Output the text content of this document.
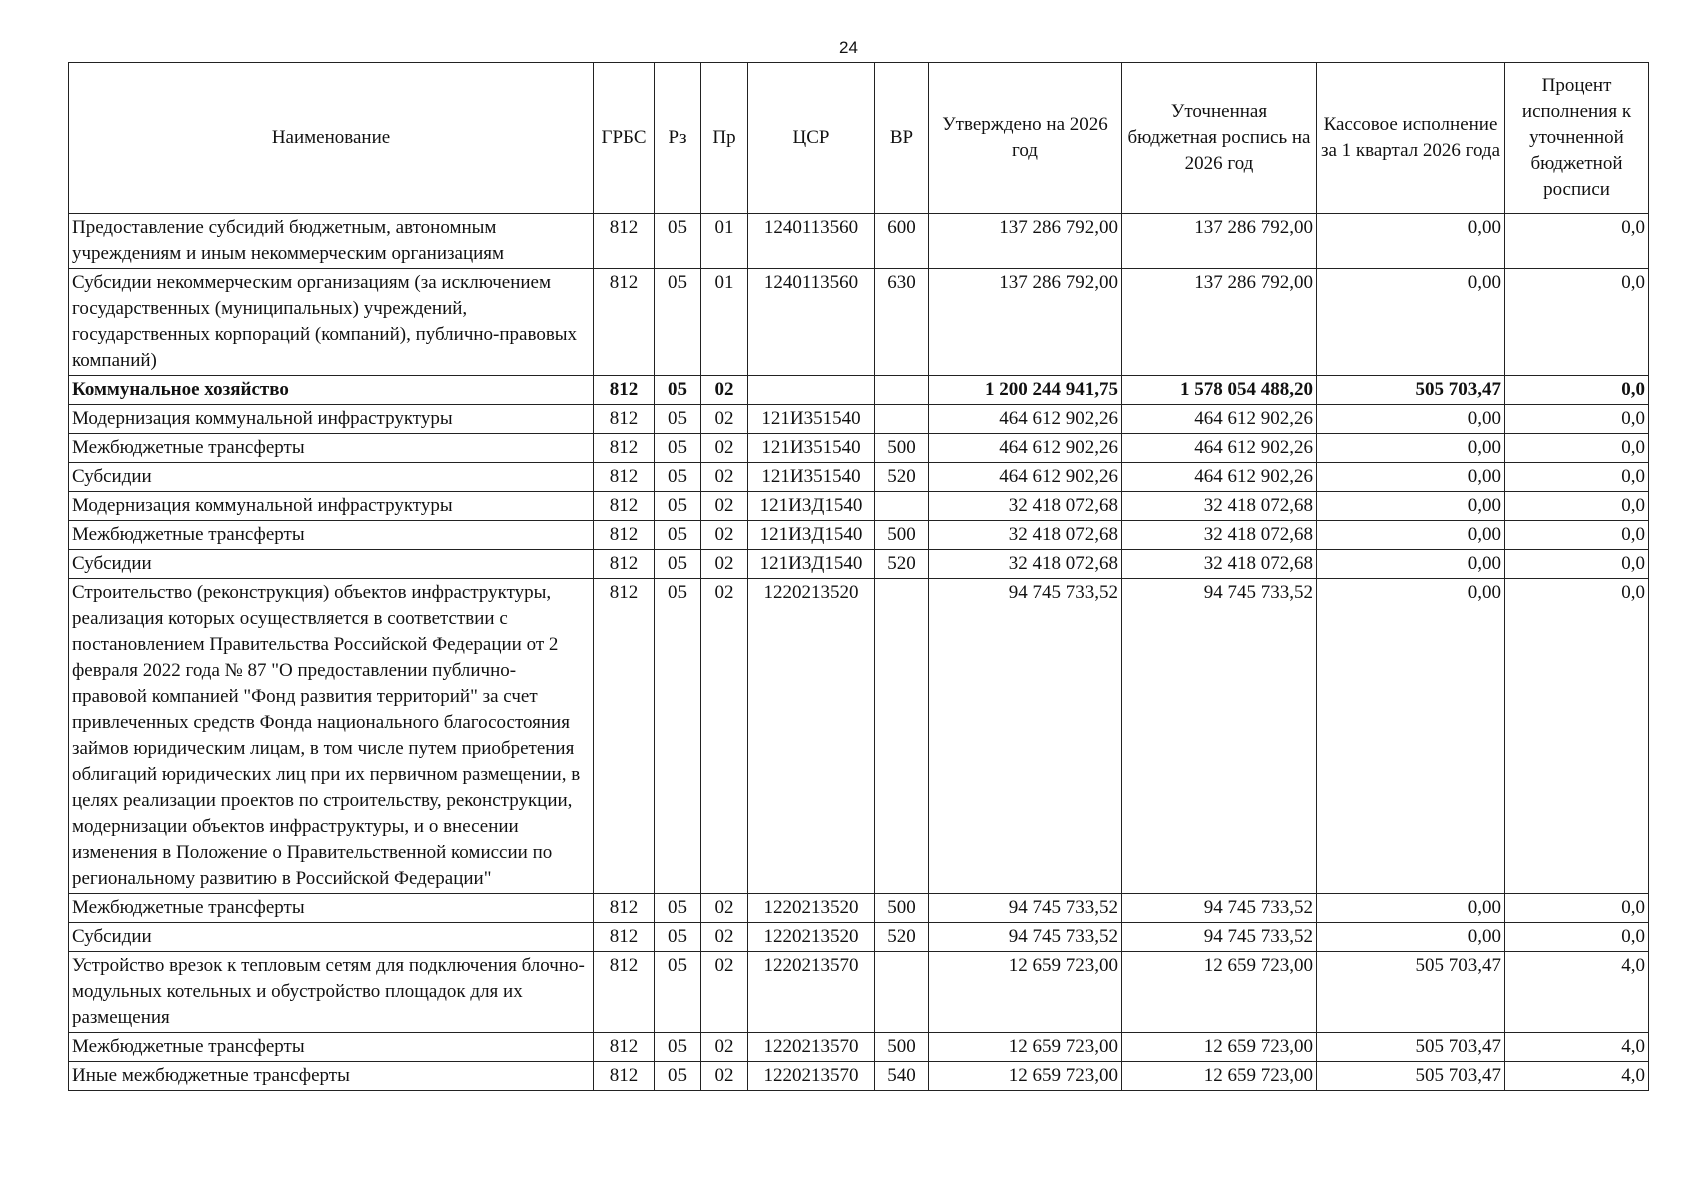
24
Наименование	ГРБС	Рз	Пр	ЦСР	ВР	Утверждено на 2026 год	Уточненная бюджетная роспись на 2026 год	Кассовое исполнение за 1 квартал 2026 года	Процент исполнения к уточненной бюджетной росписи
Предоставление субсидий бюджетным, автономным учреждениям и иным некоммерческим организациям	812	05	01	1240113560	600	137 286 792,00	137 286 792,00	0,00	0,0
Субсидии некоммерческим организациям (за исключением государственных (муниципальных) учреждений, государственных корпораций (компаний), публично-правовых компаний)	812	05	01	1240113560	630	137 286 792,00	137 286 792,00	0,00	0,0
Коммунальное хозяйство	812	05	02			1 200 244 941,75	1 578 054 488,20	505 703,47	0,0
Модернизация коммунальной инфраструктуры	812	05	02	121И351540		464 612 902,26	464 612 902,26	0,00	0,0
Межбюджетные трансферты	812	05	02	121И351540	500	464 612 902,26	464 612 902,26	0,00	0,0
Субсидии	812	05	02	121И351540	520	464 612 902,26	464 612 902,26	0,00	0,0
Модернизация коммунальной инфраструктуры	812	05	02	121И3Д1540		32 418 072,68	32 418 072,68	0,00	0,0
Межбюджетные трансферты	812	05	02	121И3Д1540	500	32 418 072,68	32 418 072,68	0,00	0,0
Субсидии	812	05	02	121И3Д1540	520	32 418 072,68	32 418 072,68	0,00	0,0
Строительство (реконструкция) объектов инфраструктуры, реализация которых осуществляется в соответствии с постановлением Правительства Российской Федерации от 2 февраля 2022 года № 87 "О предоставлении публично-правовой компанией "Фонд развития территорий" за счет привлеченных средств Фонда национального благосостояния займов юридическим лицам, в том числе путем приобретения облигаций юридических лиц при их первичном размещении, в целях реализации проектов по строительству, реконструкции, модернизации объектов инфраструктуры, и о внесении изменения в Положение о Правительственной комиссии по региональному развитию в Российской Федерации"	812	05	02	1220213520		94 745 733,52	94 745 733,52	0,00	0,0
Межбюджетные трансферты	812	05	02	1220213520	500	94 745 733,52	94 745 733,52	0,00	0,0
Субсидии	812	05	02	1220213520	520	94 745 733,52	94 745 733,52	0,00	0,0
Устройство врезок к тепловым сетям для подключения блочно-модульных котельных и обустройство площадок для их размещения	812	05	02	1220213570		12 659 723,00	12 659 723,00	505 703,47	4,0
Межбюджетные трансферты	812	05	02	1220213570	500	12 659 723,00	12 659 723,00	505 703,47	4,0
Иные межбюджетные трансферты	812	05	02	1220213570	540	12 659 723,00	12 659 723,00	505 703,47	4,0
